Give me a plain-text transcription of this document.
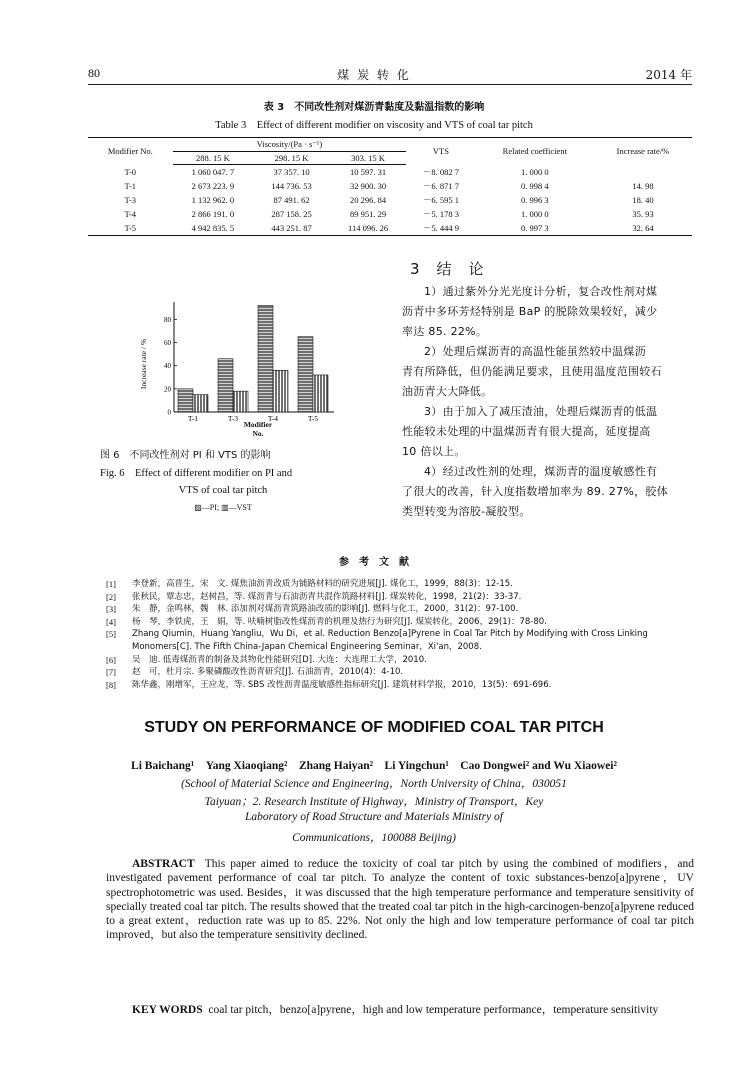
80	煤 炭 转 化	2014 年
表 3　不同改性剂对煤沥青黏度及黏温指数的影响
Table 3　Effect of different modifier on viscosity and VTS of coal tar pitch
Modifier No.	Viscosity/(Pa · s⁻¹)			VTS	Related coefficient	Increase rate/%
	288. 15 K	298. 15 K	303. 15 K			
T-0	1 060 047. 7	37 357. 10	10 597. 31	－8. 082 7	1. 000 0	
T-1	2 673 223. 9	144 736. 53	32 900. 30	－6. 871 7	0. 998 4	14. 98
T-3	1 132 962. 0	87 491. 62	20 296. 84	－6. 595 1	0. 996 3	18. 40
T-4	2 866 191. 0	287 158. 25	89 951. 29	－5. 178 3	1. 000 0	35. 93
T-5	4 942 835. 5	443 251. 87	114 096. 26	－5. 444 9	0. 997 3	32. 64
0
20
40
60
80
T-1	T-3	T-4	T-5
Modifier No.
Increase rate / %
图 6　不同改性剂对 PI 和 VTS 的影响
Fig. 6　Effect of different modifier on PI and
VTS of coal tar pitch
▨—PI; ▥—VST
3　结　论
1）通过紫外分光光度计分析，复合改性剂对煤
沥青中多环芳烃特别是 BaP 的脱除效果较好，减少
率达 85. 22%。
2）处理后煤沥青的高温性能虽然较中温煤沥
青有所降低，但仍能满足要求，且使用温度范围较石
油沥青大大降低。
3）由于加入了减压渣油，处理后煤沥青的低温
性能较未处理的中温煤沥青有很大提高，延度提高
10 倍以上。
4）经过改性剂的处理，煤沥青的温度敏感性有
了很大的改善，针入度指数增加率为 89. 27%，胶体
类型转变为溶胶-凝胶型。
参　考　文　献
[1] 李登新，高晋生，宋　文. 煤焦油沥青改质为铺路材料的研究进展[J]. 煤化工，1999，88(3)：12-15.
[2] 张秋民，覃志忠，赵树昌，等. 煤沥青与石油沥青共混作筑路材料[J]. 煤炭转化，1998，21(2)：33-37.
[3] 朱　静，金鸣林，魏　林. 添加剂对煤沥青筑路油改质的影响[J]. 燃料与化工，2000，31(2)：97-100.
[4] 杨　琴，李铁虎，王　娟，等. 呋喃树脂改性煤沥青的机理及热行为研究[J]. 煤炭转化，2006，29(1)：78-80.
[5] Zhang Qiumin，Huang Yangliu，Wu Di，et al. Reduction Benzo[a]Pyrene in Coal Tar Pitch by Modifying with Cross Linking
Monomers[C]. The Fifth China-Japan Chemical Engineering Seminar，Xi'an，2008.
[6] 吴　迪. 低毒煤沥青的制备及其物化性能研究[D]. 大连：大连理工大学，2010.
[7] 赵　可，杜月宗. 多聚磷酸改性沥青研究[J]. 石油沥青，2010(4)：4-10.
[8] 陈华鑫，刚增军，王应龙，等. SBS 改性沥青温度敏感性指标研究[J]. 建筑材料学报，2010，13(5)：691-696.
STUDY ON PERFORMANCE OF MODIFIED COAL TAR PITCH
Li Baichang¹　Yang Xiaoqiang²　Zhang Haiyan²　Li Yingchun¹　Cao Dongwei² and Wu Xiaowei²
(School of Material Science and Engineering，North University of China，030051
Taiyuan；2. Research Institute of Highway，Ministry of Transport，Key
Laboratory of Road Structure and Materials Ministry of
Communications，100088 Beijing)
ABSTRACT This paper aimed to reduce the toxicity of coal tar pitch by using the combined of modifiers，and investigated pavement performance of coal tar pitch. To analyze the content of toxic substances-benzo[a]pyrene，UV spectrophotometric was used. Besides，it was discussed that the high temperature performance and temperature sensitivity of specially treated coal tar pitch. The results showed that the treated coal tar pitch in the high-carcinogen-benzo[a]pyrene reduced to a great extent，reduction rate was up to 85. 22%. Not only the high and low temperature performance of coal tar pitch improved，but also the temperature sensitivity declined.
KEY WORDS coal tar pitch，benzo[a]pyrene，high and low temperature performance，temperature sensitivity
